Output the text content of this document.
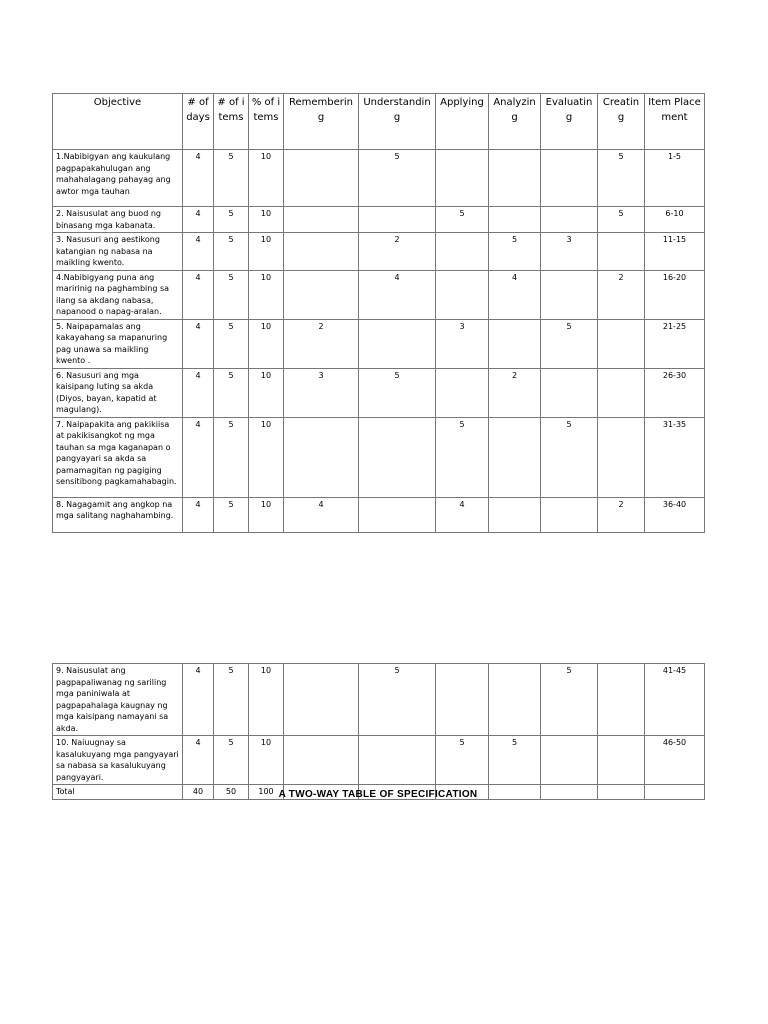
Objective	# of days	# of items	% of items	Remembering	Understanding	Applying	Analyzing	Evaluating	Creating	Item Placement
1.Nabibigyan ang kaukulang pagpapakahulugan ang mahahalagang pahayag ang awtor mga tauhan	4	5	10		5				5	1-5
2. Naisusulat ang buod ng binasang mga kabanata.	4	5	10			5			5	6-10
3. Nasusuri ang aestikong katangian ng nabasa na maikling kwento.	4	5	10		2		5	3		11-15
4.Nabibigyang puna ang maririnig na paghambing sa ilang sa akdang nabasa, napanood o napag-aralan.	4	5	10		4		4		2	16-20
5. Naipapamalas ang kakayahang sa mapanuring pag unawa sa maikling kwento .	4	5	10	2		3		5		21-25
6. Nasusuri ang mga kaisipang luting sa akda (Diyos, bayan, kapatid at magulang).	4	5	10	3	5		2			26-30
7. Naipapakita ang pakikiisa at pakikisangkot ng mga tauhan sa mga kaganapan o pangyayari sa akda sa pamamagitan ng pagiging sensitibong pagkamahabagin.	4	5	10			5		5		31-35
8. Nagagamit ang angkop na mga salitang naghahambing.	4	5	10	4		4			2	36-40
9. Naisusulat ang pagpapaliwanag ng sariling mga paniniwala at pagpapahalaga kaugnay ng mga kaisipang namayani sa akda.	4	5	10		5			5		41-45
10. Naiuugnay sa kasalukuyang mga pangyayari sa nabasa sa kasalukuyang pangyayari.	4	5	10			5	5			46-50
Total	40	50	100							A TWO-WAY TABLE OF SPECIFICATION
